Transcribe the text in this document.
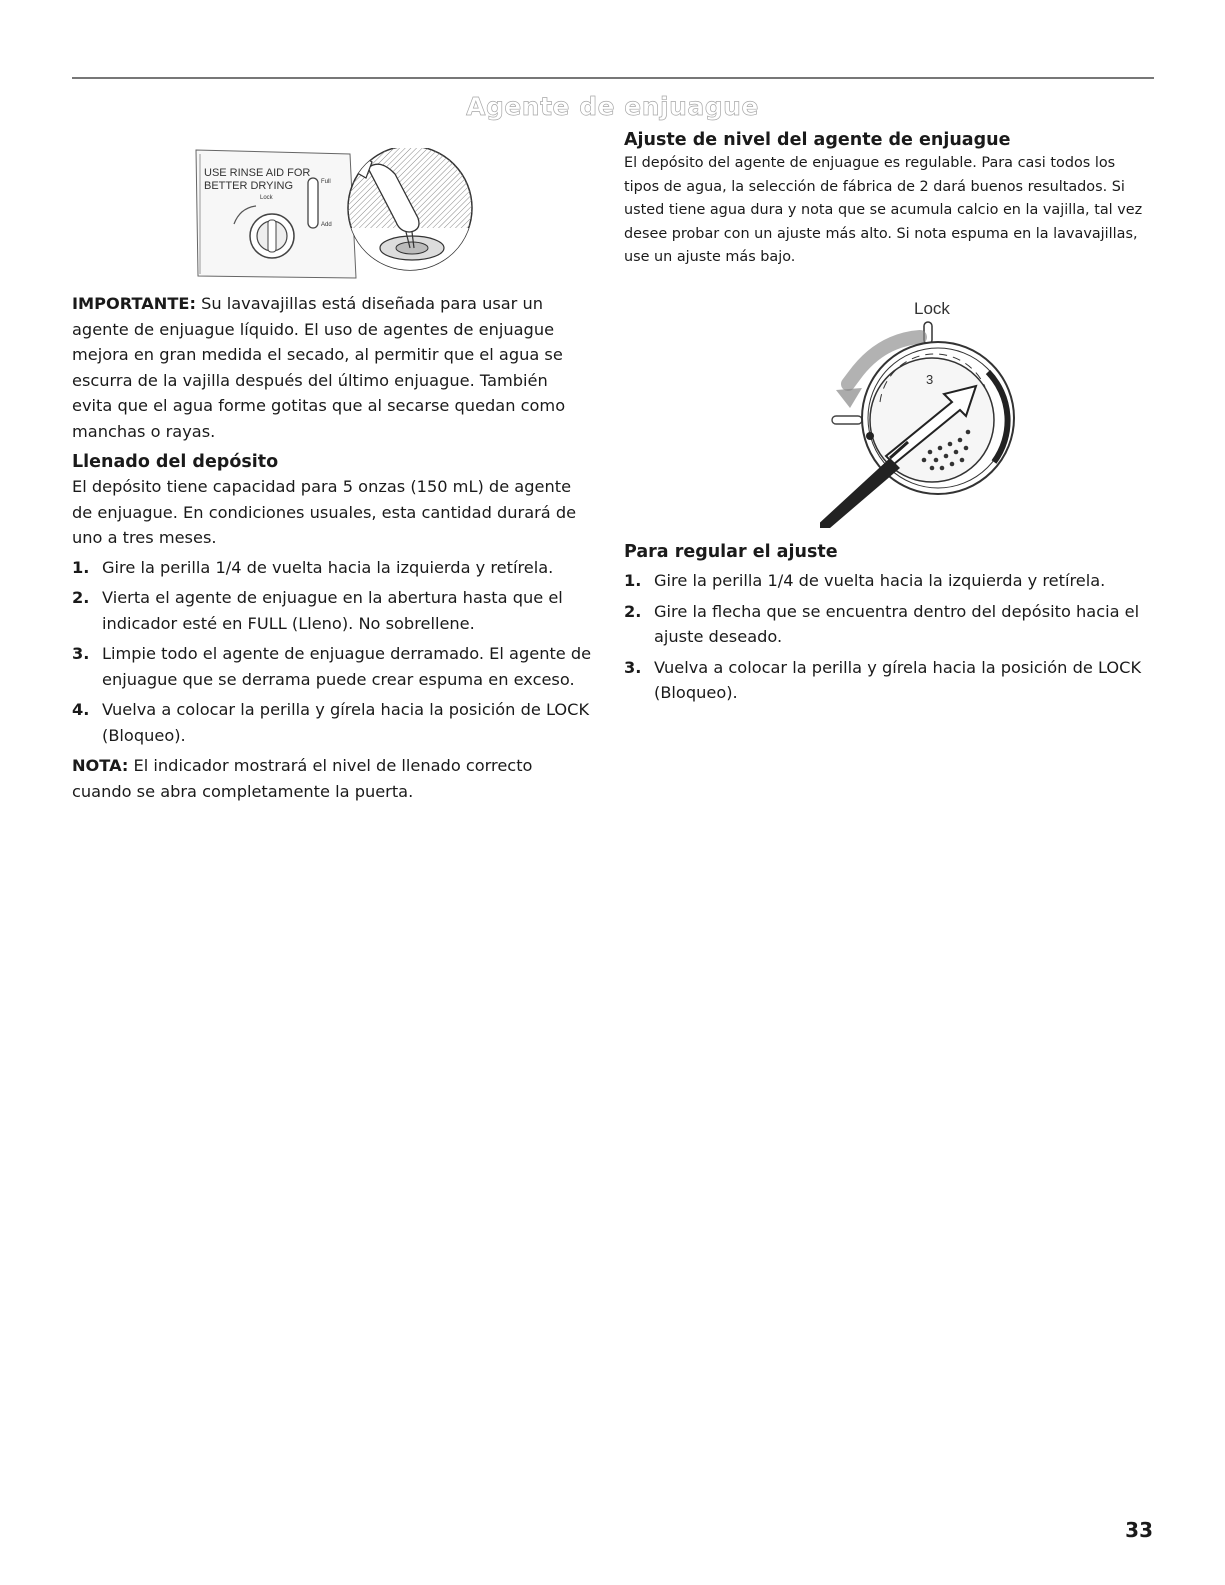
Agente de enjuague
USE RINSE AID FOR
BETTER DRYING
Lock
Full
Add

IMPORTANTE: Su lavavajillas está diseñada para usar un agente de enjuague líquido. El uso de agentes de enjuague mejora en gran medida el secado, al permitir que el agua se escurra de la vajilla después del último enjuague. También evita que el agua forme gotitas que al secarse quedan como manchas o rayas.

Llenado del depósito

El depósito tiene capacidad para 5 onzas (150 mL) de agente de enjuague. En condiciones usuales, esta cantidad durará de uno a tres meses.

1. Gire la perilla 1/4 de vuelta hacia la izquierda y retírela.
2. Vierta el agente de enjuague en la abertura hasta que el indicador esté en FULL (Lleno). No sobrellene.
3. Limpie todo el agente de enjuague derramado. El agente de enjuague que se derrama puede crear espuma en exceso.
4. Vuelva a colocar la perilla y gírela hacia la posición de LOCK (Bloqueo).

NOTA: El indicador mostrará el nivel de llenado correcto cuando se abra completamente la puerta.

Ajuste de nivel del agente de enjuague

El depósito del agente de enjuague es regulable. Para casi todos los tipos de agua, la selección de fábrica de 2 dará buenos resultados. Si usted tiene agua dura y nota que se acumula calcio en la vajilla, tal vez desee probar con un ajuste más alto. Si nota espuma en la lavavajillas, use un ajuste más bajo.

Lock
3
Para regular el ajuste
1. Gire la perilla 1/4 de vuelta hacia la izquierda y retírela.
2. Gire la flecha que se encuentra dentro del depósito hacia el ajuste deseado.
3. Vuelva a colocar la perilla y gírela hacia la posición de LOCK (Bloqueo).
33
